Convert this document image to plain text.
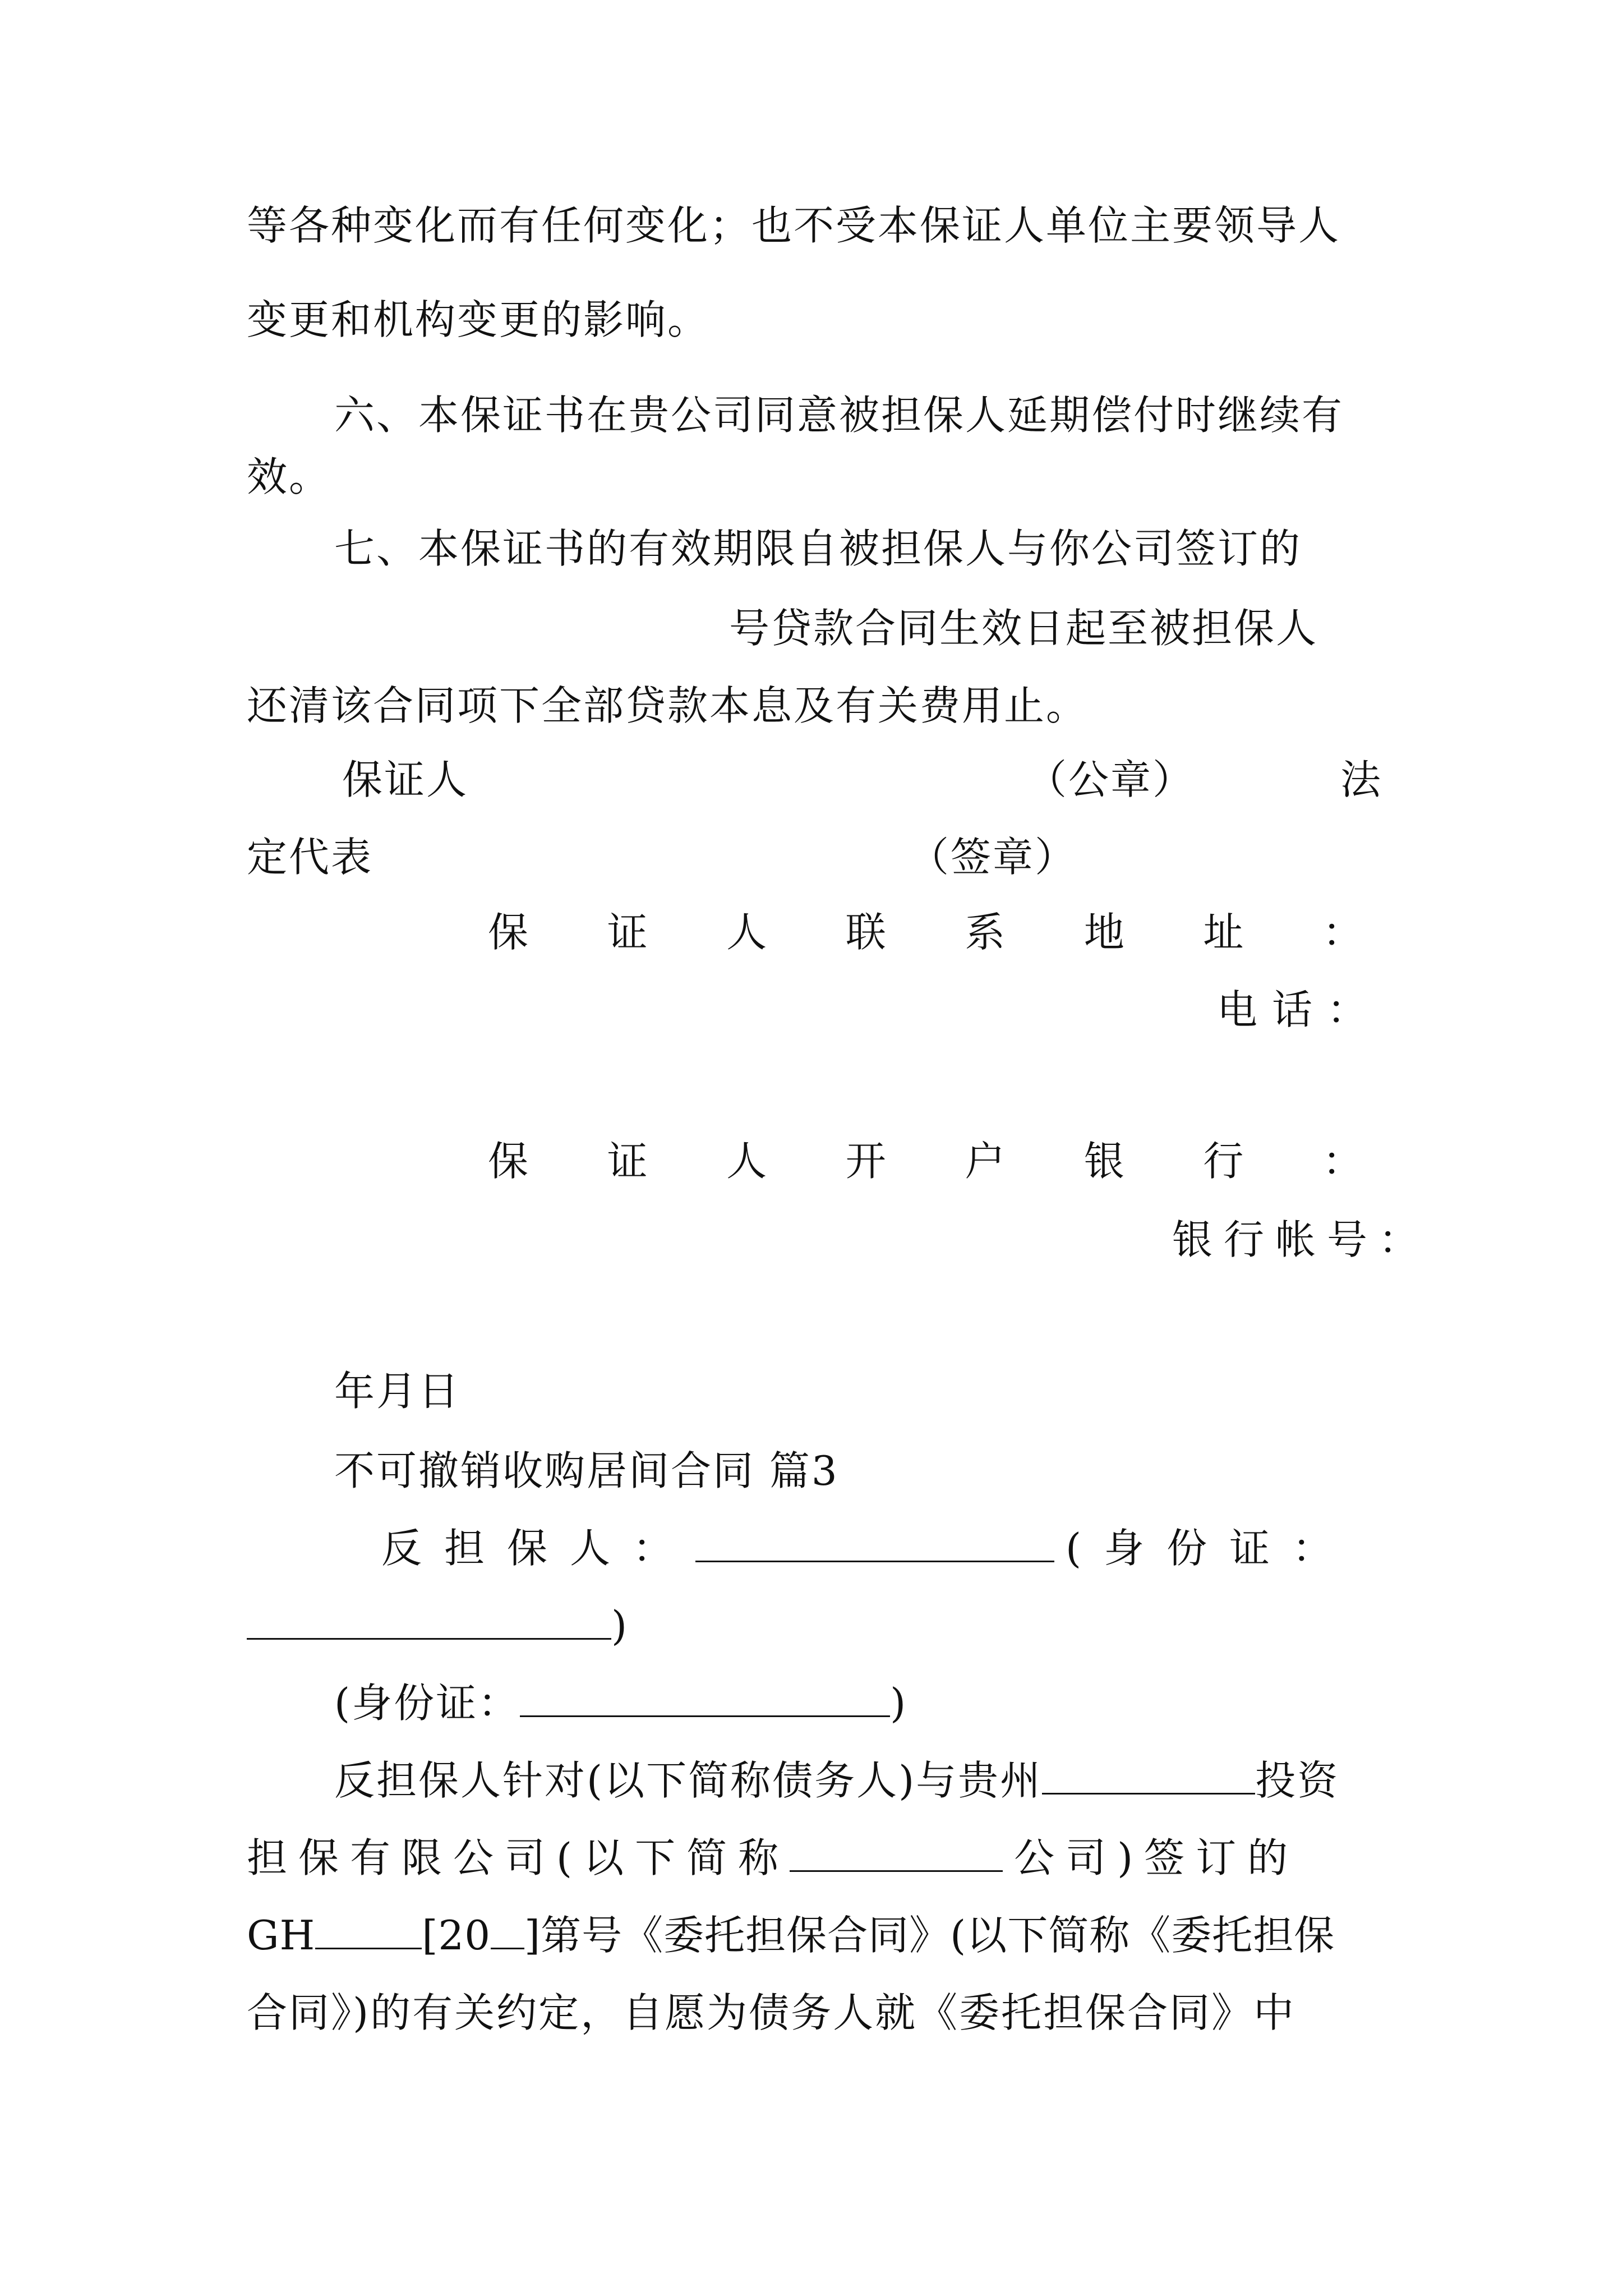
等各种变化而有任何变化；也不受本保证人单位主要领导人
变更和机构变更的影响。
六、本保证书在贵公司同意被担保人延期偿付时继续有
效。
七、本保证书的有效期限自被担保人与你公司签订的
号贷款合同生效日起至被担保人
还清该合同项下全部贷款本息及有关费用止。
保证人	（公章）	法
定代表	（签章）
保 证 人 联 系 地 址 ：
电话：
保 证 人 开 户 银 行 ：
银行帐号：
年月日
不可撤销收购居间合同 篇3
反担保人：	(身份证：
)
(身份证：	)
反担保人针对(以下简称债务人)与贵州	投资
担保有限公司(以下简称	公司)签订的
GH	[20 ]第号《委托担保合同》(以下简称《委托担保
合同》)的有关约定，自愿为债务人就《委托担保合同》中
